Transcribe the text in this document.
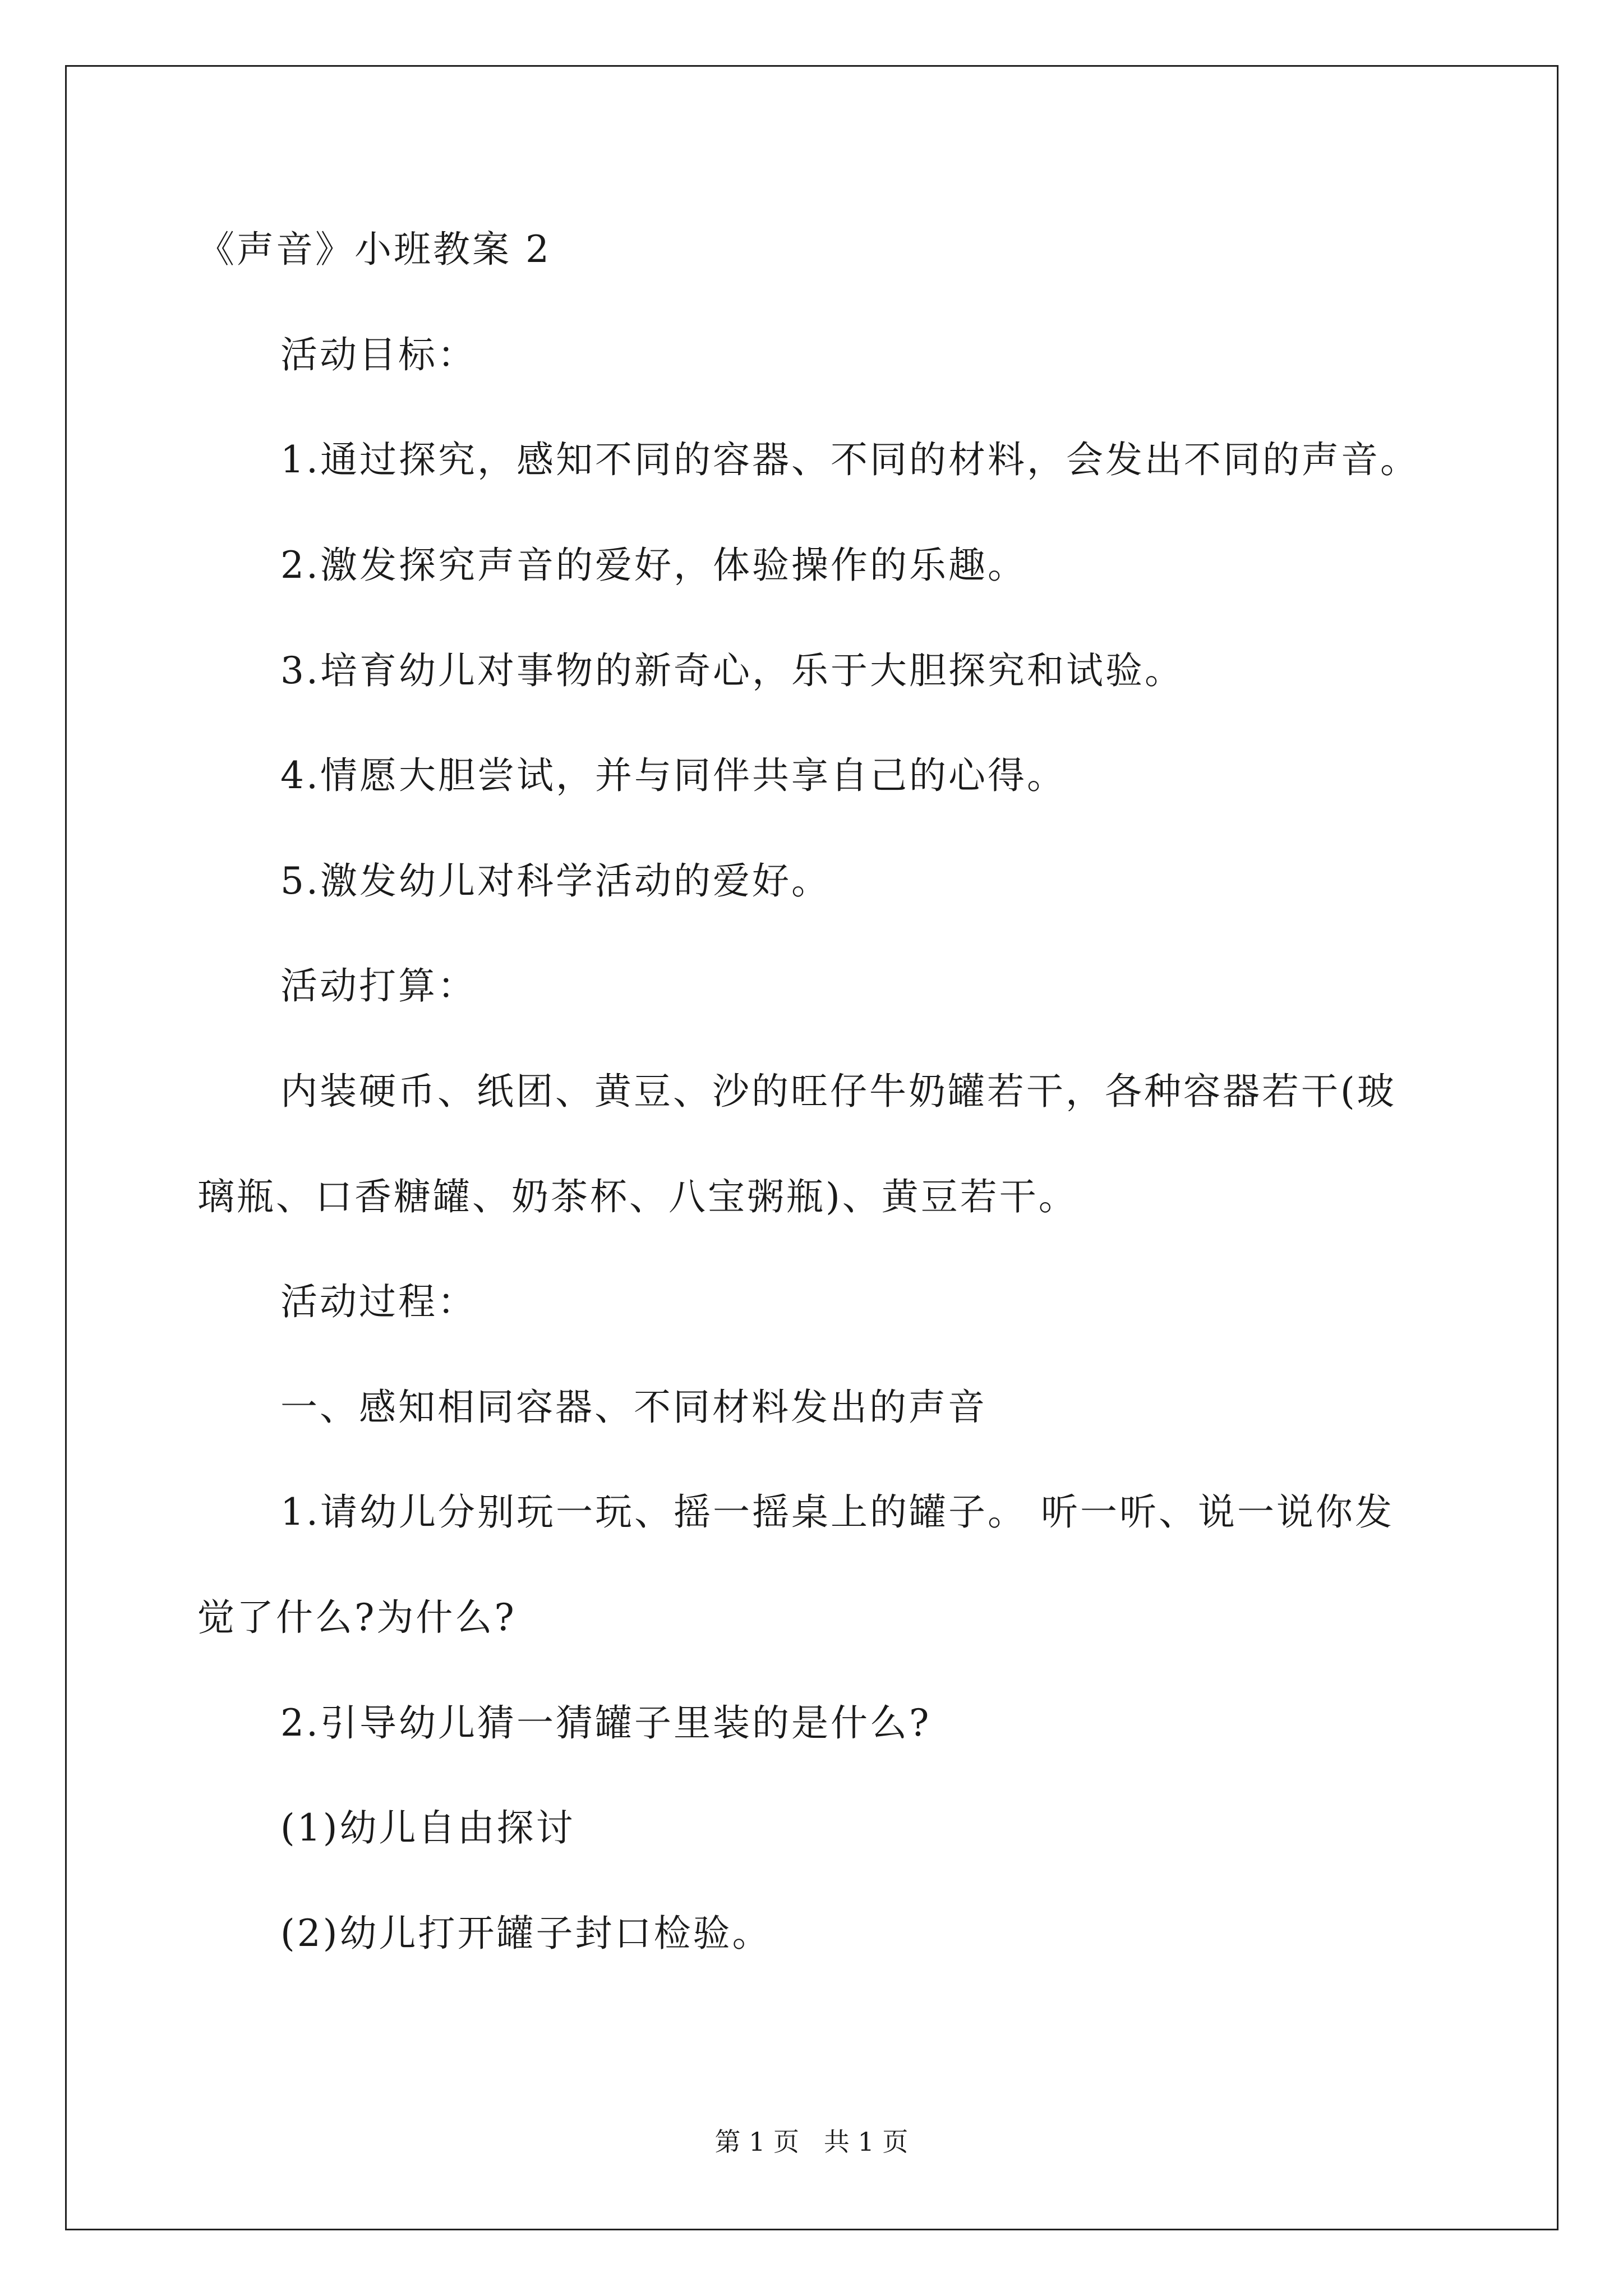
《声音》小班教案 2
活动目标：
1.通过探究，感知不同的容器、不同的材料，会发出不同的声音。
2.激发探究声音的爱好，体验操作的乐趣。
3.培育幼儿对事物的新奇心，乐于大胆探究和试验。
4.情愿大胆尝试，并与同伴共享自己的心得。
5.激发幼儿对科学活动的爱好。
活动打算：
内装硬币、纸团、黄豆、沙的旺仔牛奶罐若干，各种容器若干(玻
璃瓶、口香糖罐、奶茶杯、八宝粥瓶)、黄豆若干。
活动过程：
一、感知相同容器、不同材料发出的声音
1.请幼儿分别玩一玩、摇一摇桌上的罐子。 听一听、说一说你发
觉了什么?为什么?
2.引导幼儿猜一猜罐子里装的是什么?
(1)幼儿自由探讨
(2)幼儿打开罐子封口检验。
第 1 页   共 1 页
